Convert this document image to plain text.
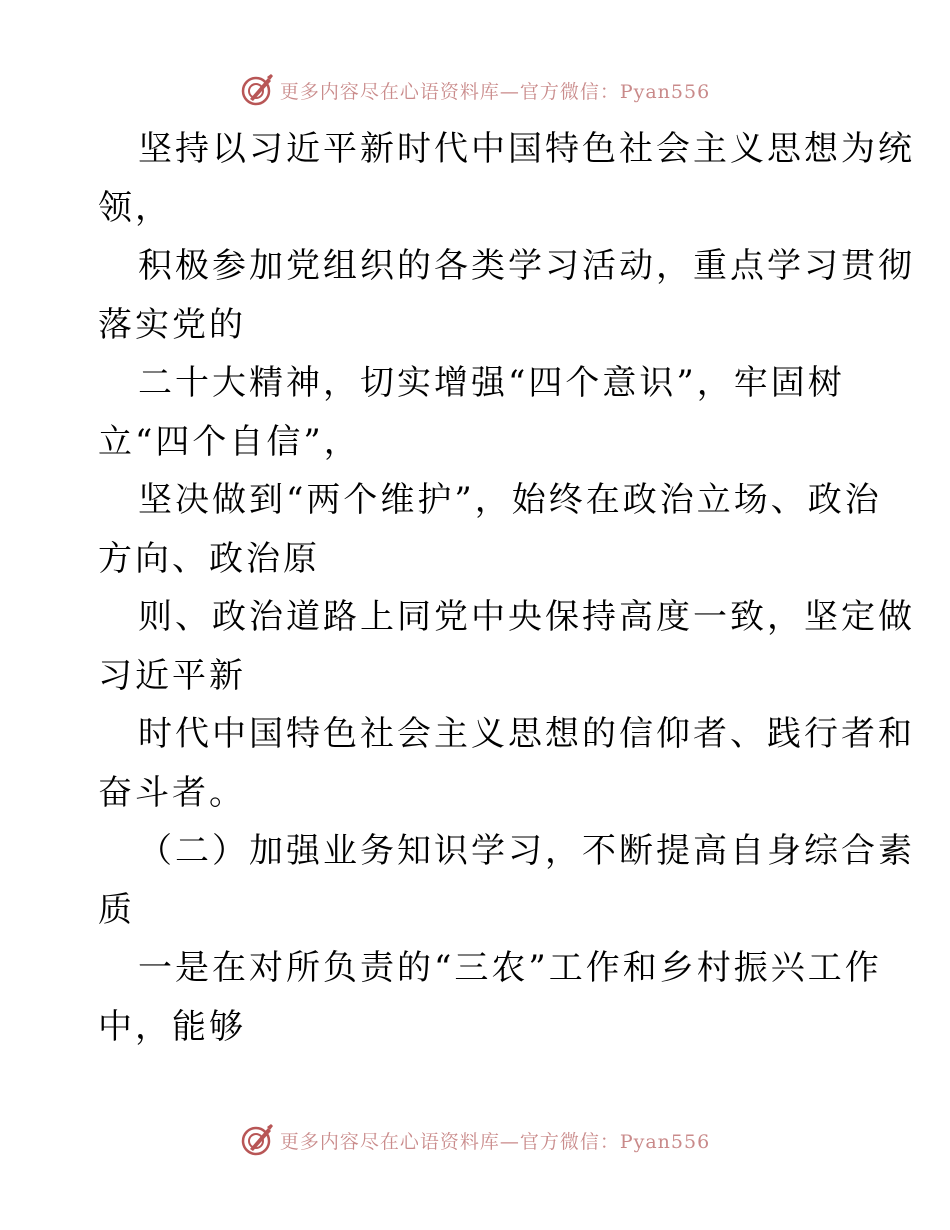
更多内容尽在心语资料库—官方微信：Pyan556
坚持以习近平新时代中国特色社会主义思想为统
领，
积极参加党组织的各类学习活动，重点学习贯彻
落实党的
二十大精神，切实增强“四个意识”，牢固树
立“四个自信”，
坚决做到“两个维护”，始终在政治立场、政治
方向、政治原
则、政治道路上同党中央保持高度一致，坚定做
习近平新
时代中国特色社会主义思想的信仰者、践行者和
奋斗者。
（二）加强业务知识学习，不断提高自身综合素
质
一是在对所负责的“三农”工作和乡村振兴工作
中，能够
更多内容尽在心语资料库—官方微信：Pyan556
